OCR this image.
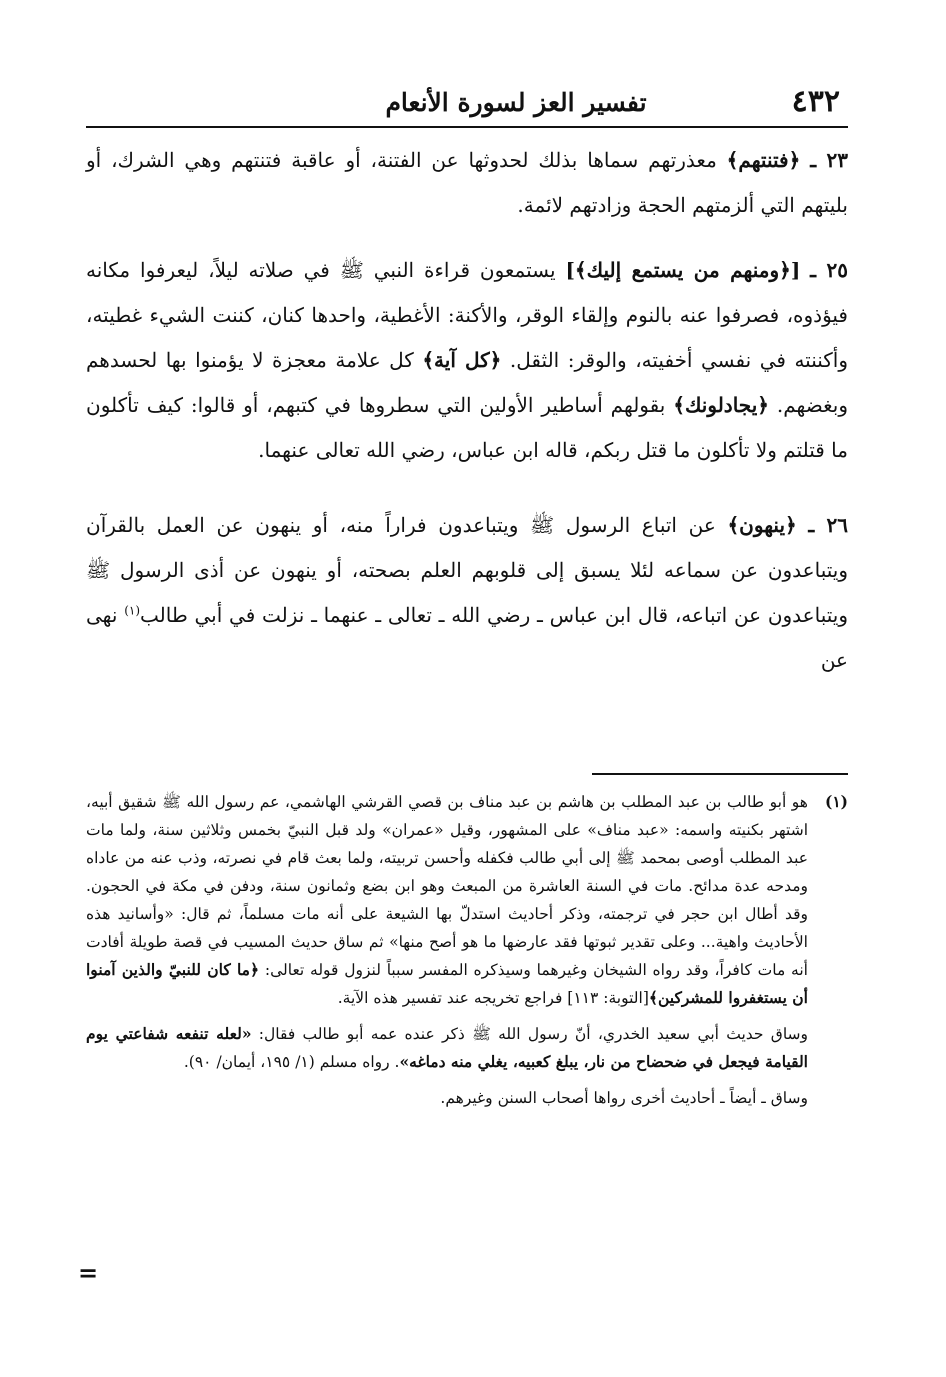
٤٣٢
تفسير العز لسورة الأنعام

٢٣ ـ ﴿فتنتهم﴾ معذرتهم سماها بذلك لحدوثها عن الفتنة، أو عاقبة فتنتهم وهي الشرك، أو بليتهم التي ألزمتهم الحجة وزادتهم لائمة.

٢٥ ـ [﴿ومنهم من يستمع إليك﴾] يستمعون قراءة النبي ﷺ في صلاته ليلاً، ليعرفوا مكانه فيؤذوه، فصرفوا عنه بالنوم وإلقاء الوقر، والأكنة: الأغطية، واحدها كنان، كننت الشيء غطيته، وأكننته في نفسي أخفيته، والوقر: الثقل. ﴿كل آية﴾ كل علامة معجزة لا يؤمنوا بها لحسدهم وبغضهم. ﴿يجادلونك﴾ بقولهم أساطير الأولين التي سطروها في كتبهم، أو قالوا: كيف تأكلون ما قتلتم ولا تأكلون ما قتل ربكم، قاله ابن عباس، رضي الله تعالى عنهما.

٢٦ ـ ﴿ينهون﴾ عن اتباع الرسول ﷺ ويتباعدون فراراً منه، أو ينهون عن العمل بالقرآن ويتباعدون عن سماعه لئلا يسبق إلى قلوبهم العلم بصحته، أو ينهون عن أذى الرسول ﷺ ويتباعدون عن اتباعه، قال ابن عباس ـ رضي الله ـ تعالى ـ عنهما ـ نزلت في أبي طالب$^{(١)}$ نهى عن

(١)

هو أبو طالب بن عبد المطلب بن هاشم بن عبد مناف بن قصي القرشي الهاشمي، عم رسول الله ﷺ شقيق أبيه، اشتهر بكنيته واسمه: «عبد مناف» على المشهور، وقيل «عمران» ولد قبل النبيّ بخمس وثلاثين سنة، ولما مات عبد المطلب أوصى بمحمد ﷺ إلى أبي طالب فكفله وأحسن تربيته، ولما بعث قام في نصرته، وذب عنه من عاداه ومدحه عدة مدائح. مات في السنة العاشرة من المبعث وهو ابن بضع وثمانون سنة، ودفن في مكة في الحجون. وقد أطال ابن حجر في ترجمته، وذكر أحاديث استدلّ بها الشيعة على أنه مات مسلماً، ثم قال: «وأسانيد هذه الأحاديث واهية... وعلى تقدير ثبوتها فقد عارضها ما هو أصح منها» ثم ساق حديث المسيب في قصة طويلة أفادت أنه مات كافراً، وقد رواه الشيخان وغيرهما وسيذكره المفسر سبباً لنزول قوله تعالى: ﴿ما كان للنبيّ والذين آمنوا أن يستغفروا للمشركين﴾[التوبة: ١١٣] فراجع تخريجه عند تفسير هذه الآية.

وساق حديث أبي سعيد الخدري، أنّ رسول الله ﷺ ذكر عنده عمه أبو طالب فقال: «لعله تنفعه شفاعتي يوم القيامة فيجعل في ضحضاح من نار، يبلغ كعبيه، يغلي منه دماغه». رواه مسلم (١/ ١٩٥، أيمان/ ٩٠).

وساق ـ أيضاً ـ أحاديث أخرى رواها أصحاب السنن وغيرهم.

=
